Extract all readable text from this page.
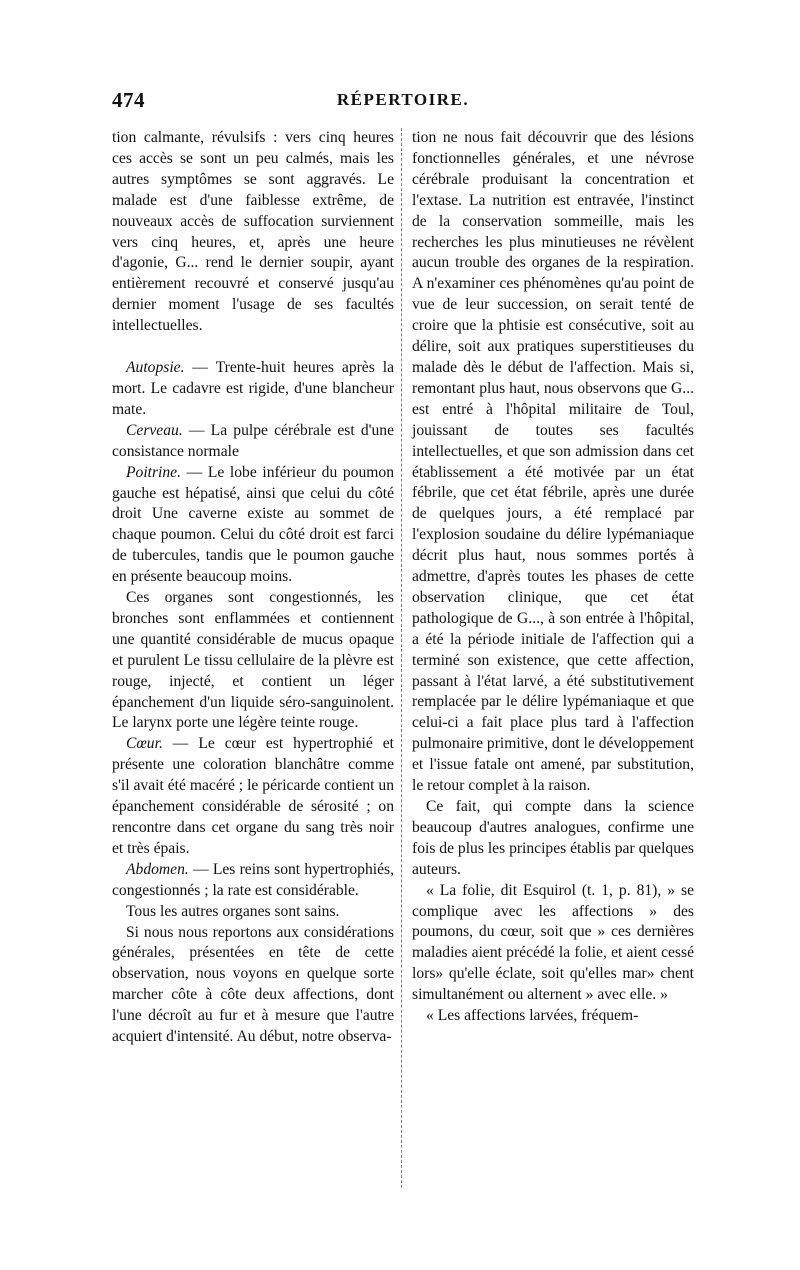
474	RÉPERTOIRE.

tion calmante, révulsifs : vers cinq heures ces accès se sont un peu calmés, mais les autres symptômes se sont aggravés. Le malade est d'une faiblesse extrême, de nouveaux accès de suffocation surviennent vers cinq heures, et, après une heure d'agonie, G... rend le dernier soupir, ayant entièrement recouvré et conservé jusqu'au dernier moment l'usage de ses facultés intellectuelles.

Autopsie. — Trente-huit heures après la mort. Le cadavre est rigide, d'une blancheur mate.

Cerveau. — La pulpe cérébrale est d'une consistance normale

Poitrine. — Le lobe inférieur du poumon gauche est hépatisé, ainsi que celui du côté droit Une caverne existe au sommet de chaque poumon. Celui du côté droit est farci de tubercules, tandis que le poumon gauche en présente beaucoup moins.

Ces organes sont congestionnés, les bronches sont enflammées et contiennent une quantité considérable de mucus opaque et purulent Le tissu cellulaire de la plèvre est rouge, injecté, et contient un léger épanchement d'un liquide séro-sanguinolent. Le larynx porte une légère teinte rouge.

Cœur. — Le cœur est hypertrophié et présente une coloration blanchâtre comme s'il avait été macéré ; le péricarde contient un épanchement considérable de sérosité ; on rencontre dans cet organe du sang très noir et très épais.

Abdomen. — Les reins sont hypertrophiés, congestionnés ; la rate est considérable.

Tous les autres organes sont sains.

Si nous nous reportons aux considérations générales, présentées en tête de cette observation, nous voyons en quelque sorte marcher côte à côte deux affections, dont l'une décroît au fur et à mesure que l'autre acquiert d'intensité. Au début, notre observa-

tion ne nous fait découvrir que des lésions fonctionnelles générales, et une névrose cérébrale produisant la concentration et l'extase. La nutrition est entravée, l'instinct de la conservation sommeille, mais les recherches les plus minutieuses ne révèlent aucun trouble des organes de la respiration. A n'examiner ces phénomènes qu'au point de vue de leur succession, on serait tenté de croire que la phtisie est consécutive, soit au délire, soit aux pratiques superstitieuses du malade dès le début de l'affection. Mais si, remontant plus haut, nous observons que G... est entré à l'hôpital militaire de Toul, jouissant de toutes ses facultés intellectuelles, et que son admission dans cet établissement a été motivée par un état fébrile, que cet état fébrile, après une durée de quelques jours, a été remplacé par l'explosion soudaine du délire lypémaniaque décrit plus haut, nous sommes portés à admettre, d'après toutes les phases de cette observation clinique, que cet état pathologique de G..., à son entrée à l'hôpital, a été la période initiale de l'affection qui a terminé son existence, que cette affection, passant à l'état larvé, a été substitutivement remplacée par le délire lypémaniaque et que celui-ci a fait place plus tard à l'affection pulmonaire primitive, dont le développement et l'issue fatale ont amené, par substitution, le retour complet à la raison.

Ce fait, qui compte dans la science beaucoup d'autres analogues, confirme une fois de plus les principes établis par quelques auteurs.

« La folie, dit Esquirol (t. 1, p. 81), » se complique avec les affections » des poumons, du cœur, soit que » ces dernières maladies aient précédé la folie, et aient cessé lors» qu'elle éclate, soit qu'elles mar» chent simultanément ou alternent » avec elle. »

« Les affections larvées, fréquem-
